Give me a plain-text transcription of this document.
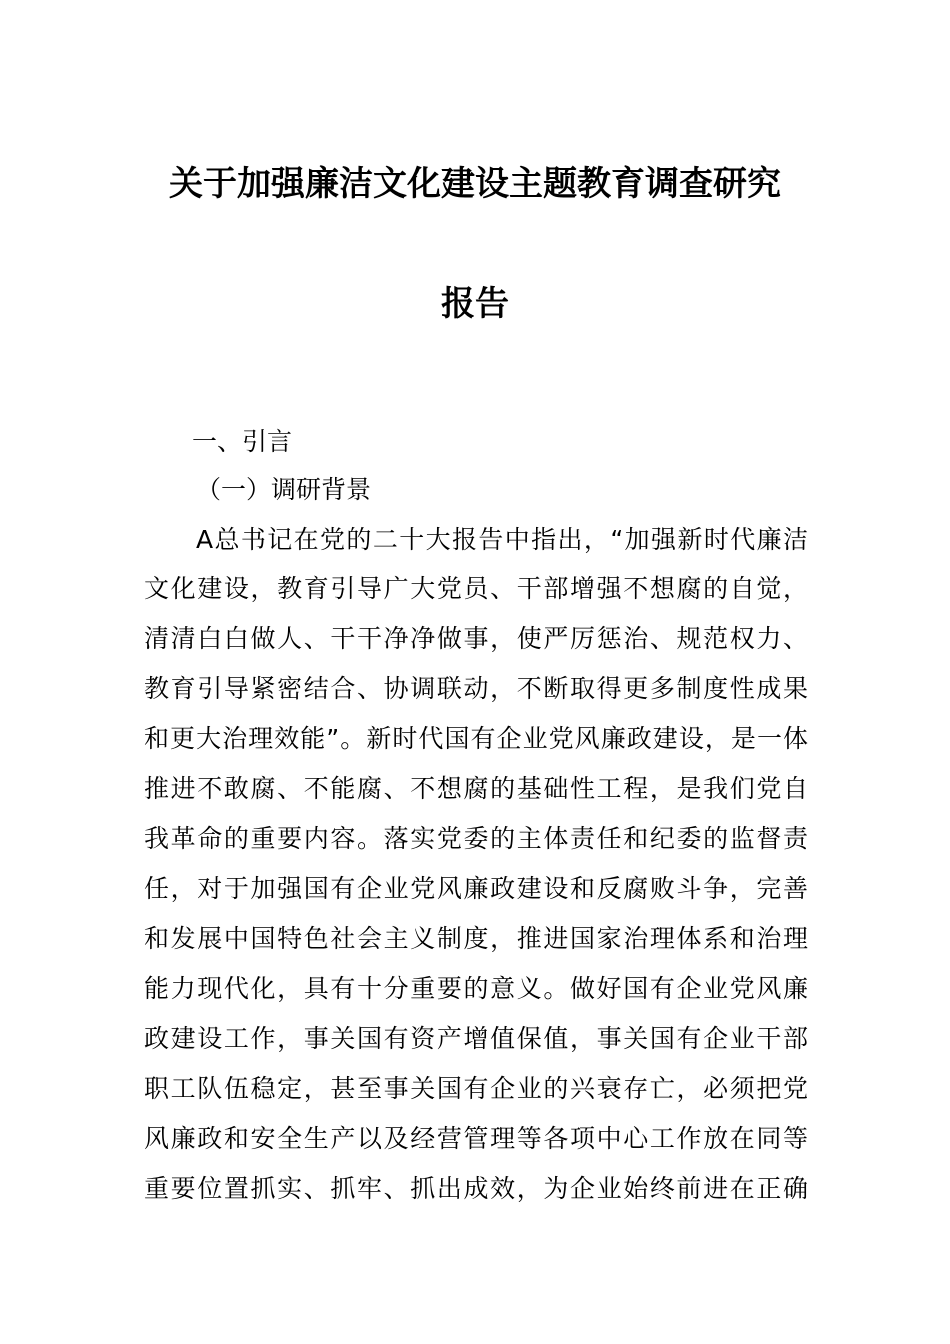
关于加强廉洁文化建设主题教育调查研究
报告
一、引言
（一）调研背景
A总书记在党的二十大报告中指出，“加强新时代廉洁
文化建设，教育引导广大党员、干部增强不想腐的自觉，
清清白白做人、干干净净做事，使严厉惩治、规范权力、
教育引导紧密结合、协调联动，不断取得更多制度性成果
和更大治理效能”。新时代国有企业党风廉政建设，是一体
推进不敢腐、不能腐、不想腐的基础性工程，是我们党自
我革命的重要内容。落实党委的主体责任和纪委的监督责
任，对于加强国有企业党风廉政建设和反腐败斗争，完善
和发展中国特色社会主义制度，推进国家治理体系和治理
能力现代化，具有十分重要的意义。做好国有企业党风廉
政建设工作，事关国有资产增值保值，事关国有企业干部
职工队伍稳定，甚至事关国有企业的兴衰存亡，必须把党
风廉政和安全生产以及经营管理等各项中心工作放在同等
重要位置抓实、抓牢、抓出成效，为企业始终前进在正确
